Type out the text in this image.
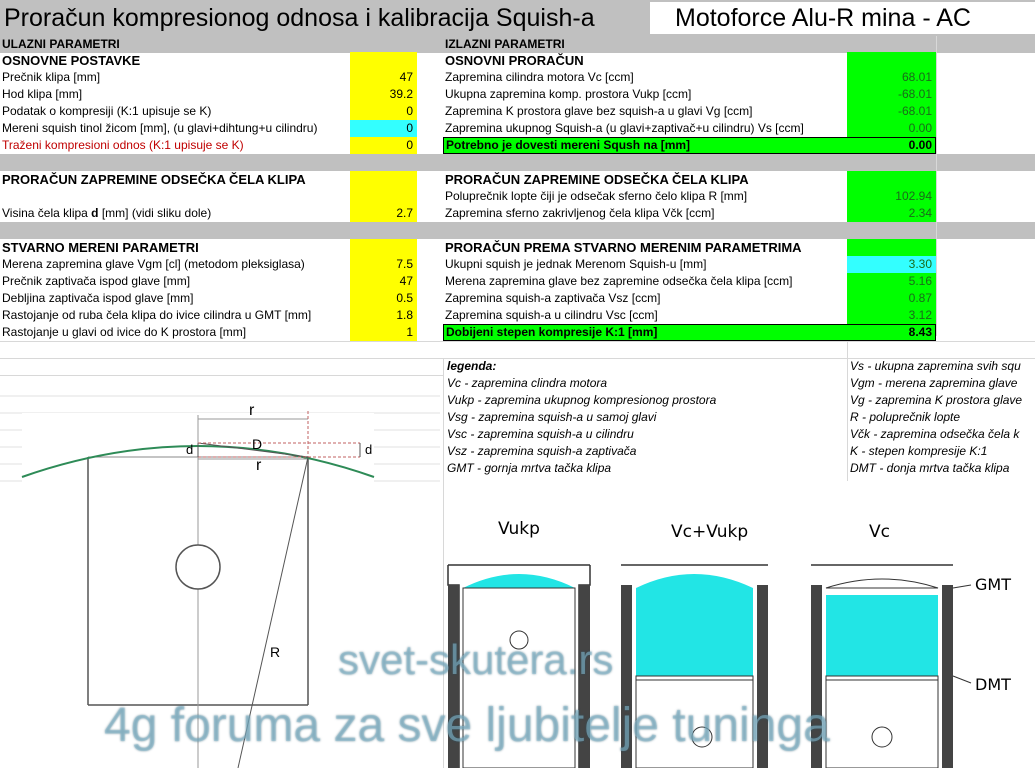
Proračun kompresionog odnosa i kalibracija Squish-a	Motoforce Alu-R mina - AC
ULAZNI PARAMETRI	IZLAZNI PARAMETRI
OSNOVNE POSTAVKE
Prečnik klipa [mm]	47
Hod klipa [mm]	39.2
Podatak o kompresiji (K:1 upisuje se K)	0
Mereni squish tinol žicom [mm], (u glavi+dihtung+u cilindru)	0
Traženi kompresioni odnos (K:1 upisuje se K)	0
PRORAČUN ZAPREMINE ODSEČKA ČELA KLIPA
Visina čela klipa d [mm] (vidi sliku dole)	2.7
STVARNO MERENI PARAMETRI
Merena zapremina glave Vgm [cl] (metodom pleksiglasa)	7.5
Prečnik zaptivača ispod glave [mm]	47
Debljina zaptivača ispod glave [mm]	0.5
Rastojanje od ruba čela klipa do ivice cilindra u GMT [mm]	1.8
Rastojanje u glavi od ivice do K prostora [mm]	1
OSNOVNI PRORAČUN
Zapremina cilindra motora Vc [ccm]	68.01
Ukupna zapremina komp. prostora Vukp [ccm]	-68.01
Zapremina K prostora glave bez squish-a u glavi Vg [ccm]	-68.01
Zapremina ukupnog Squish-a (u glavi+zaptivač+u cilindru) Vs [ccm]	0.00
Potrebno je dovesti mereni Sqush na [mm]	0.00
PRORAČUN ZAPREMINE ODSEČKA ČELA KLIPA
Poluprečnik lopte čiji je odsečak sferno čelo klipa R [mm]	102.94
Zapremina sferno zakrivljenog čela klipa Včk [ccm]	2.34
PRORAČUN PREMA STVARNO MERENIM PARAMETRIMA
Ukupni squish je jednak Merenom Squish-u [mm]	3.30
Merena zapremina glave bez zapremine odsečka čela klipa [ccm]	5.16
Zapremina squish-a zaptivača Vsz [ccm]	0.87
Zapremina squish-a u cilindru Vsc [ccm]	3.12
Dobijeni stepen kompresije K:1 [mm]	8.43
legenda:
Vc - zapremina clindra motora
Vukp - zapremina ukupnog kompresionog prostora
Vsg - zapremina squish-a u samoj glavi
Vsc - zapremina squish-a u cilindru
Vsz - zapremina squish-a zaptivača
GMT - gornja mrtva tačka klipa
Vs - ukupna zapremina svih squ
Vgm - merena zapremina glave
Vg - zapremina K prostora glave
R - poluprečnik lopte
Včk - zapremina odsečka čela k
K - stepen kompresije K:1
DMT - donja mrtva tačka klipa
r
D
d	d
r
R
Vukp	Vc+Vukp	Vc
GMT
DMT
svet-skutera.rs
4g foruma za sve ljubitelje tuninga
